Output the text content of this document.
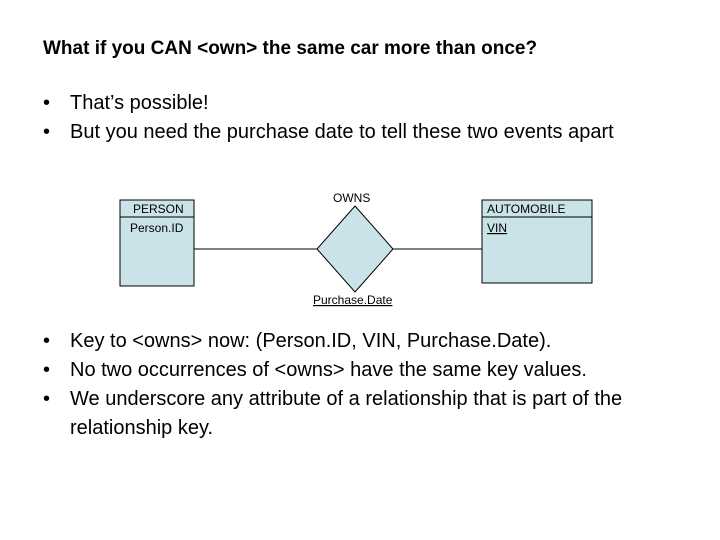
What if you CAN <own> the same car more than once?
• That’s possible!
• But you need the purchase date to tell these two events apart
PERSON
Person.ID
OWNS
Purchase.Date
AUTOMOBILE
VIN
• Key to <owns> now: (Person.ID, VIN, Purchase.Date).
• No two occurrences of <owns> have the same key values.
• We underscore any attribute of a relationship that is part of the relationship key.
